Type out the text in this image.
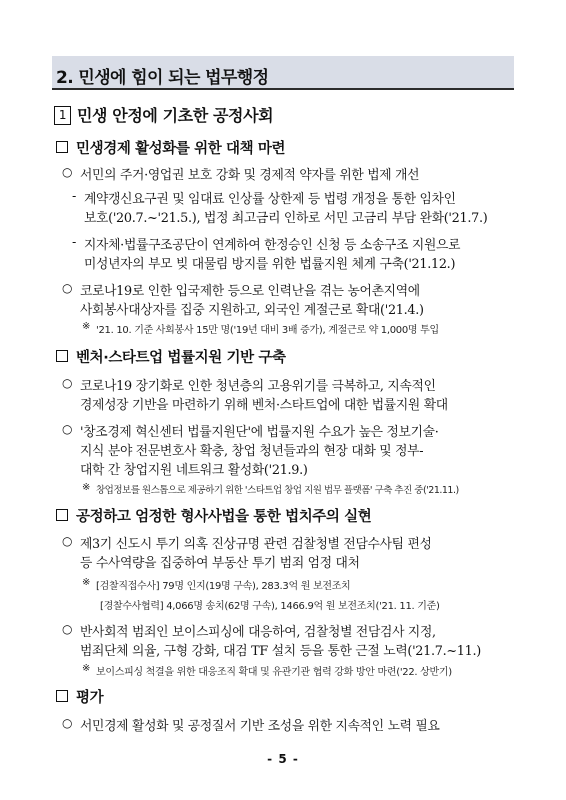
2. 민생에 힘이 되는 법무행정
1 민생 안정에 기초한 공정사회
민생경제 활성화를 위한 대책 마련
○ 서민의 주거·영업권 보호 강화 및 경제적 약자를 위한 법제 개선
- 계약갱신요구권 및 임대료 인상률 상한제 등 법령 개정을 통한 임차인
보호('20.7.~'21.5.), 법정 최고금리 인하로 서민 고금리 부담 완화('21.7.)
- 지자체·법률구조공단이 연계하여 한정승인 신청 등 소송구조 지원으로
미성년자의 부모 빚 대물림 방지를 위한 법률지원 체계 구축('21.12.)
○ 코로나19로 인한 입국제한 등으로 인력난을 겪는 농어촌지역에
사회봉사대상자를 집중 지원하고, 외국인 계절근로 확대('21.4.)
※ '21. 10. 기준 사회봉사 15만 명('19년 대비 3배 증가), 계절근로 약 1,000명 투입
벤처·스타트업 법률지원 기반 구축
○ 코로나19 장기화로 인한 청년층의 고용위기를 극복하고, 지속적인
경제성장 기반을 마련하기 위해 벤처·스타트업에 대한 법률지원 확대
○ '창조경제 혁신센터 법률지원단'에 법률지원 수요가 높은 정보기술·
지식 분야 전문변호사 확충, 창업 청년들과의 현장 대화 및 정부-
대학 간 창업지원 네트워크 활성화('21.9.)
※ 창업정보를 원스톱으로 제공하기 위한 '스타트업 창업 지원 법무 플랫폼' 구축 추진 중('21.11.)
공정하고 엄정한 형사사법을 통한 법치주의 실현
○ 제3기 신도시 투기 의혹 진상규명 관련 검찰청별 전담수사팀 편성
등 수사역량을 집중하여 부동산 투기 범죄 엄정 대처
※ [검찰직접수사] 79명 인지(19명 구속), 283.3억 원 보전조치
[경찰수사협력] 4,066명 송치(62명 구속), 1466.9억 원 보전조치('21. 11. 기준)
○ 반사회적 범죄인 보이스피싱에 대응하여, 검찰청별 전담검사 지정,
범죄단체 의율, 구형 강화, 대검 TF 설치 등을 통한 근절 노력('21.7.~11.)
※ 보이스피싱 척결을 위한 대응조직 확대 및 유관기관 협력 강화 방안 마련('22. 상반기)
평가
○ 서민경제 활성화 및 공정질서 기반 조성을 위한 지속적인 노력 필요
- 5 -
